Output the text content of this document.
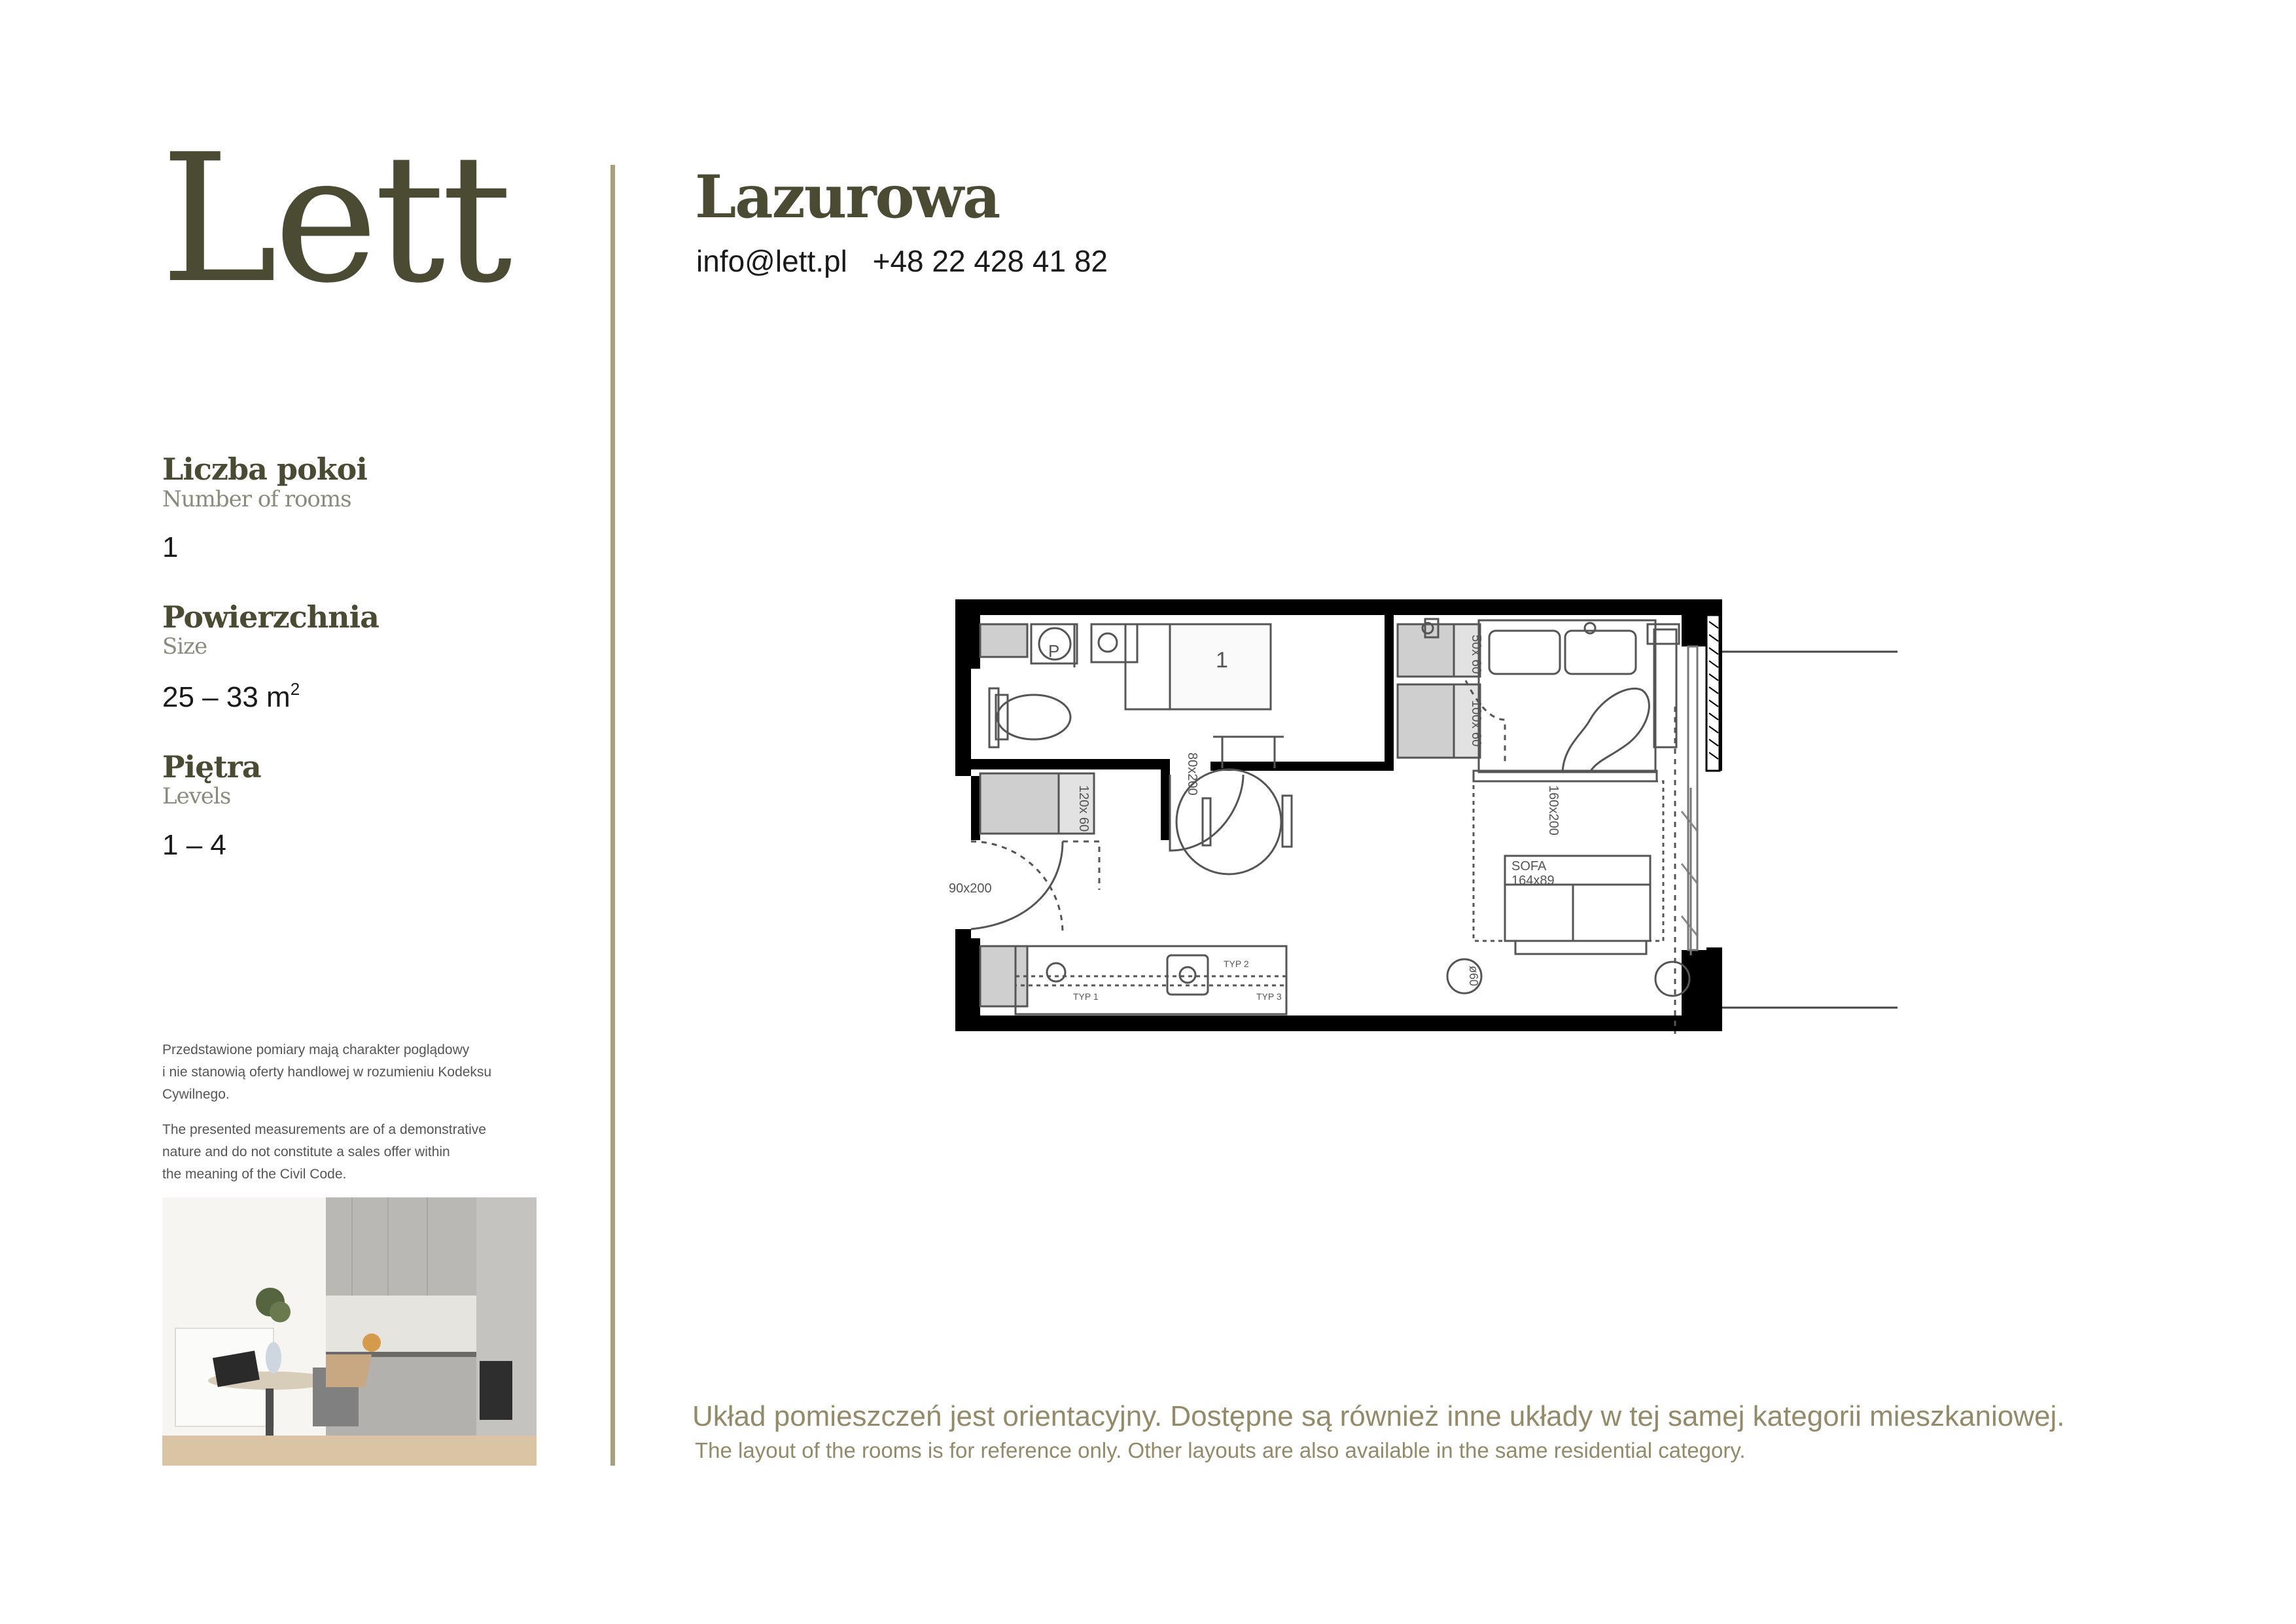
Lett
Liczba pokoi
Number of rooms
1
Powierzchnia
Size
25 – 33 $m^2$
Piętra
Levels
1 – 4
Przedstawione pomiary mają charakter poglądowy
i nie stanowią oferty handlowej w rozumieniu Kodeksu
Cywilnego.
The presented measurements are of a demonstrative
nature and do not constitute a sales offer within
the meaning of the Civil Code.
Lazurowa
info@lett.pl +48 22 428 41 82
P	1	50x 60
100x 60
120x 60
80x200
90x200
160x200
SOFA
164x89
TYP 1
TYP 2
TYP 3
ø60
Układ pomieszczeń jest orientacyjny. Dostępne są również inne układy w tej samej kategorii mieszkaniowej.
The layout of the rooms is for reference only. Other layouts are also available in the same residential category.
